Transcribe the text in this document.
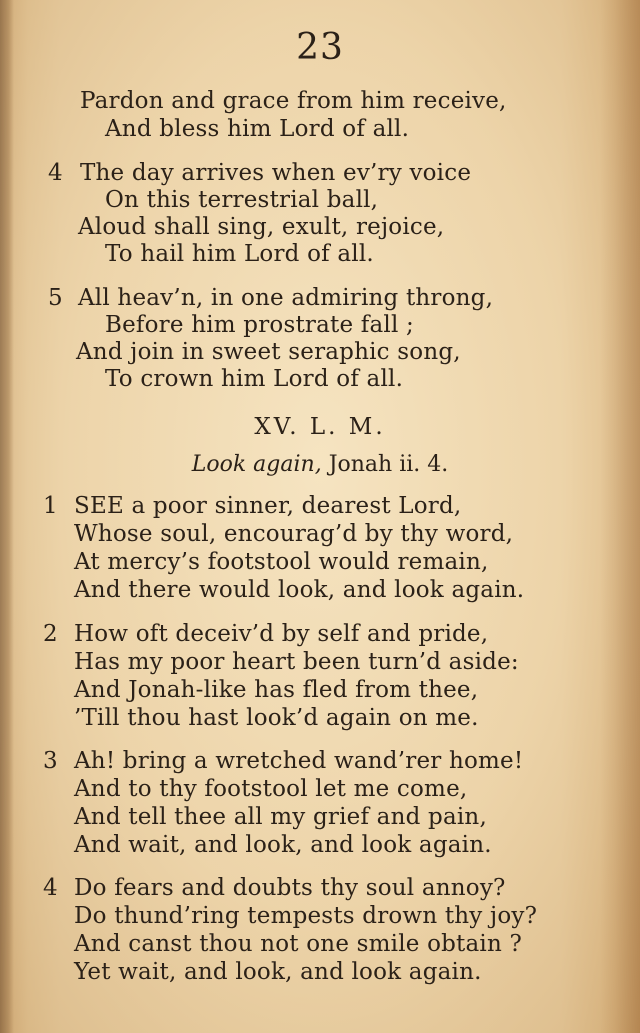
23
Pardon and grace from him receive,
And bless him Lord of all.
4 The day arrives when ev’ry voice
On this terrestrial ball,
Aloud shall sing, exult, rejoice,
To hail him Lord of all.
5 All heav’n, in one admiring throng,
Before him prostrate fall ;
And join in sweet seraphic song,
To crown him Lord of all.
XV. L. M.
Look again, Jonah ii. 4.
1 SEE a poor sinner, dearest Lord,
Whose soul, encourag’d by thy word,
At mercy’s footstool would remain,
And there would look, and look again.
2 How oft deceiv’d by self and pride,
Has my poor heart been turn’d aside:
And Jonah-like has fled from thee,
’Till thou hast look’d again on me.
3 Ah! bring a wretched wand’rer home!
And to thy footstool let me come,
And tell thee all my grief and pain,
And wait, and look, and look again.
4 Do fears and doubts thy soul annoy?
Do thund’ring tempests drown thy joy?
And canst thou not one smile obtain ?
Yet wait, and look, and look again.
